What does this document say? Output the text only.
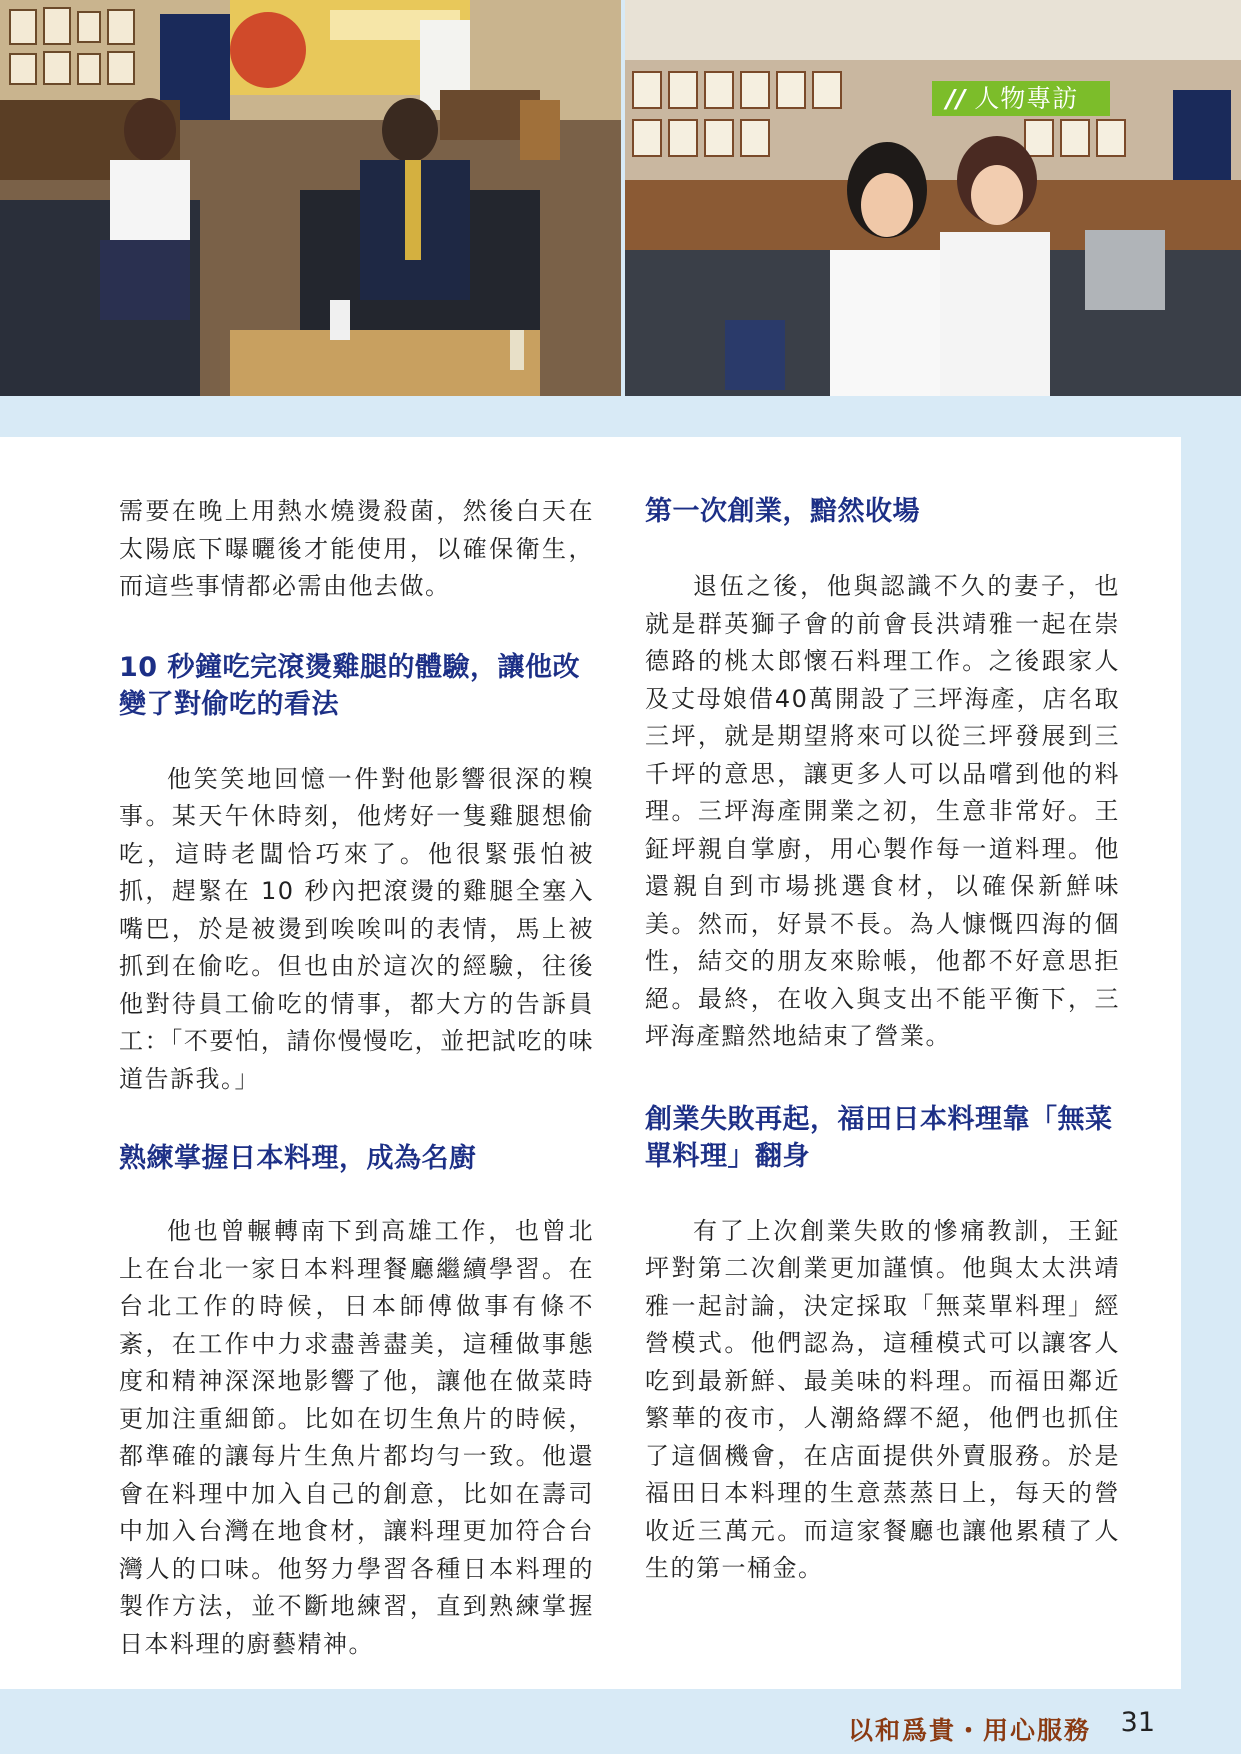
// 人物專訪

需要在晚上用熱水燒燙殺菌，然後白天在太陽底下曝曬後才能使用，以確保衛生，而這些事情都必需由他去做。

10 秒鐘吃完滾燙雞腿的體驗，讓他改變了對偷吃的看法

他笑笑地回憶一件對他影響很深的糗事。某天午休時刻，他烤好一隻雞腿想偷吃，這時老闆恰巧來了。他很緊張怕被抓，趕緊在 10 秒內把滾燙的雞腿全塞入嘴巴，於是被燙到唉唉叫的表情，馬上被抓到在偷吃。但也由於這次的經驗，往後他對待員工偷吃的情事，都大方的告訴員工：「不要怕，請你慢慢吃，並把試吃的味道告訴我。」

熟練掌握日本料理，成為名廚

他也曾輾轉南下到高雄工作，也曾北上在台北一家日本料理餐廳繼續學習。在台北工作的時候，日本師傅做事有條不紊，在工作中力求盡善盡美，這種做事態度和精神深深地影響了他，讓他在做菜時更加注重細節。比如在切生魚片的時候，都準確的讓每片生魚片都均勻一致。他還會在料理中加入自己的創意，比如在壽司中加入台灣在地食材，讓料理更加符合台灣人的口味。他努力學習各種日本料理的製作方法，並不斷地練習，直到熟練掌握日本料理的廚藝精神。

第一次創業，黯然收場

退伍之後，他與認識不久的妻子，也就是群英獅子會的前會長洪靖雅一起在崇德路的桃太郎懷石料理工作。之後跟家人及丈母娘借40萬開設了三坪海產，店名取三坪，就是期望將來可以從三坪發展到三千坪的意思，讓更多人可以品嚐到他的料理。三坪海產開業之初，生意非常好。王鉦坪親自掌廚，用心製作每一道料理。他還親自到市場挑選食材，以確保新鮮味美。然而，好景不長。為人慷慨四海的個性，結交的朋友來賒帳，他都不好意思拒絕。最終，在收入與支出不能平衡下，三坪海產黯然地結束了營業。

創業失敗再起，福田日本料理靠「無菜單料理」翻身

有了上次創業失敗的慘痛教訓，王鉦坪對第二次創業更加謹慎。他與太太洪靖雅一起討論，決定採取「無菜單料理」經營模式。他們認為，這種模式可以讓客人吃到最新鮮、最美味的料理。而福田鄰近繁華的夜市，人潮絡繹不絕，他們也抓住了這個機會，在店面提供外賣服務。於是福田日本料理的生意蒸蒸日上，每天的營收近三萬元。而這家餐廳也讓他累積了人生的第一桶金。

以和爲貴・用心服務 31
